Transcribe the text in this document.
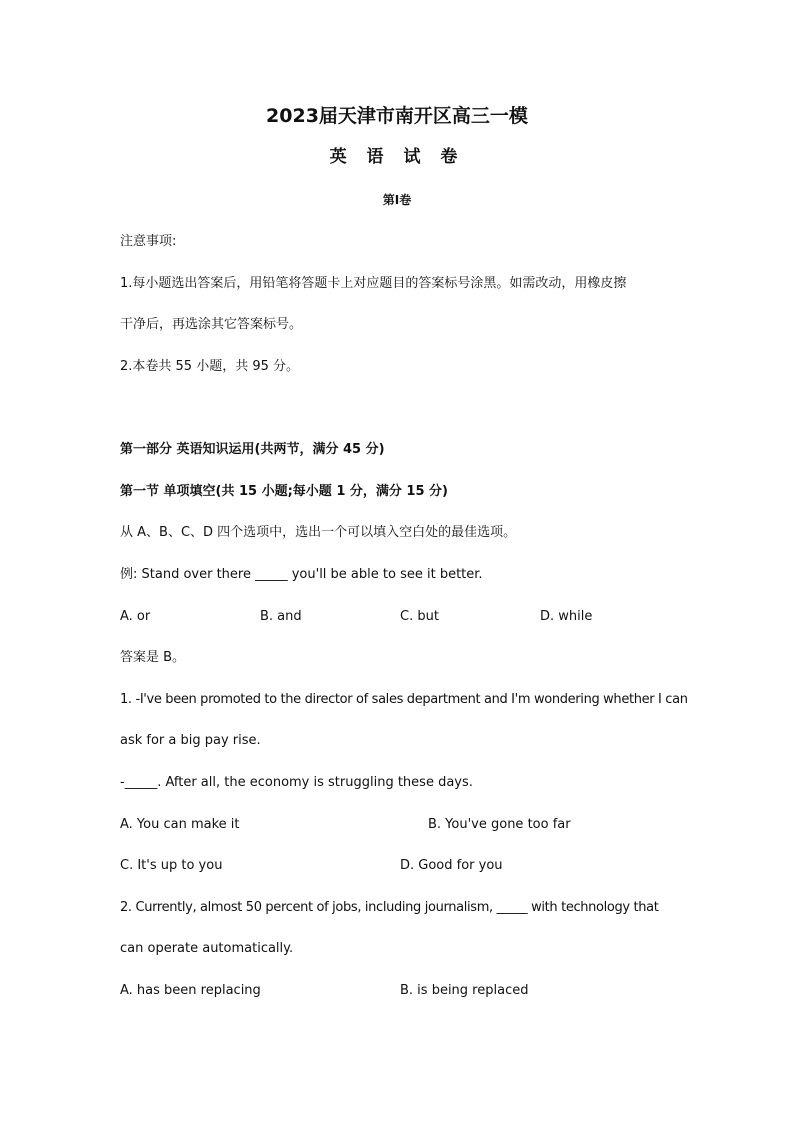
2023届天津市南开区高三一模
英 语 试 卷
第I卷
注意事项:
1.每小题选出答案后，用铅笔将答题卡上对应题目的答案标号涂黑。如需改动，用橡皮擦
干净后，再选涂其它答案标号。
2.本卷共 55 小题，共 95 分。
第一部分 英语知识运用(共两节，满分 45 分)
第一节 单项填空(共 15 小题;每小题 1 分，满分 15 分)
从 A、B、C、D 四个选项中，选出一个可以填入空白处的最佳选项。
例: Stand over there _____ you'll be able to see it better.
A. or	B. and	C. but	D. while
答案是 B。
1. -I've been promoted to the director of sales department and I'm wondering whether I can
ask for a big pay rise.
-_____. After all, the economy is struggling these days.
A. You can make it	B. You've gone too far
C. It's up to you	D. Good for you
2. Currently, almost 50 percent of jobs, including journalism, _____ with technology that
can operate automatically.
A. has been replacing	B. is being replaced
